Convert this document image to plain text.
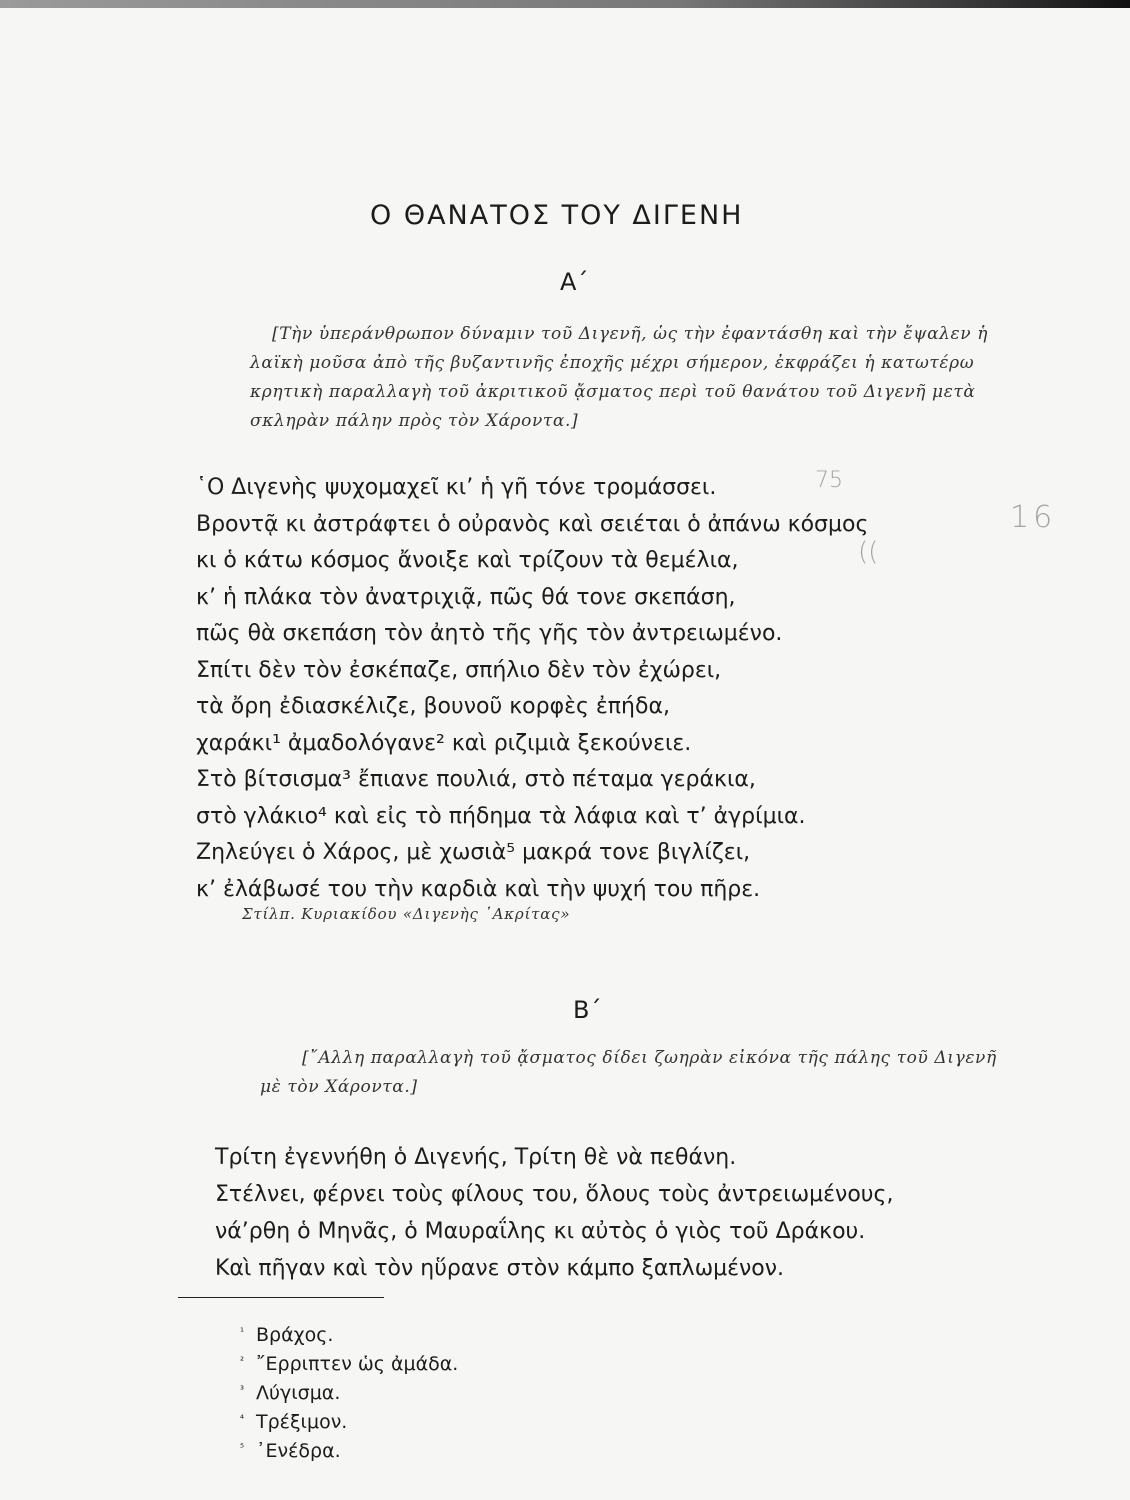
Ο ΘΑΝΑΤΟΣ ΤΟΥ ΔΙΓΕΝΗ
Α΄
[Τὴν ὑπεράνθρωπον δύναμιν τοῦ Διγενῆ, ὡς τὴν ἐφαντάσθη καὶ τὴν ἔψαλεν ἡ λαϊκὴ μοῦσα ἀπὸ τῆς βυζαντινῆς ἐποχῆς μέχρι σήμερον, ἐκφράζει ἡ κατωτέρω κρητικὴ παραλλαγὴ τοῦ ἀκριτικοῦ ᾄσματος περὶ τοῦ θανάτου τοῦ Διγενῆ μετὰ σκληρὰν πάλην πρὸς τὸν Χάροντα.]
῾Ο Διγενὴς ψυχομαχεῖ κι’ ἡ γῆ τόνε τρομάσσει.
Βροντᾷ κι ἀστράφτει ὁ οὐρανὸς καὶ σειέται ὁ ἀπάνω κόσμος
κι ὁ κάτω κόσμος ἄνοιξε καὶ τρίζουν τὰ θεμέλια,
κ’ ἡ πλάκα τὸν ἀνατριχιᾷ, πῶς θά τονε σκεπάση,
πῶς θὰ σκεπάση τὸν ἀητὸ τῆς γῆς τὸν ἀντρειωμένο.
Σπίτι δὲν τὸν ἐσκέπαζε, σπήλιο δὲν τὸν ἐχώρει,
τὰ ὄρη ἐδιασκέλιζε, βουνοῦ κορφὲς ἐπήδα,
χαράκι¹ ἀμαδολόγανε² καὶ ριζιμιὰ ξεκούνειε.
Στὸ βίτσισμα³ ἔπιανε πουλιά, στὸ πέταμα γεράκια,
στὸ γλάκιο⁴ καὶ εἰς τὸ πήδημα τὰ λάφια καὶ τ’ ἀγρίμια.
Ζηλεύγει ὁ Χάρος, μὲ χωσιὰ⁵ μακρά τονε βιγλίζει,
κ’ ἐλάβωσέ του τὴν καρδιὰ καὶ τὴν ψυχή του πῆρε.
75
16
((
Στίλπ. Κυριακίδου «Διγενὴς ᾽Ακρίτας»
Β΄
[῎Αλλη παραλλαγὴ τοῦ ᾄσματος δίδει ζωηρὰν εἰκόνα τῆς πάλης τοῦ Διγενῆ μὲ τὸν Χάροντα.]
Τρίτη ἐγεννήθη ὁ Διγενής, Τρίτη θὲ νὰ πεθάνη.
Στέλνει, φέρνει τοὺς φίλους του, ὅλους τοὺς ἀντρειωμένους,
νά’ρθη ὁ Μηνᾶς, ὁ Μαυραΐλης κι αὐτὸς ὁ γιὸς τοῦ Δράκου.
Καὶ πῆγαν καὶ τὸν ηὕρανε στὸν κάμπο ξαπλωμένον.
$^{^1}$ Βράχος.
$^{^2}$ ῎Ερριπτεν ὡς ἀμάδα.
$^{^3}$ Λύγισμα.
$^{^4}$ Τρέξιμον.
$^{^5}$ ᾽Ενέδρα.
